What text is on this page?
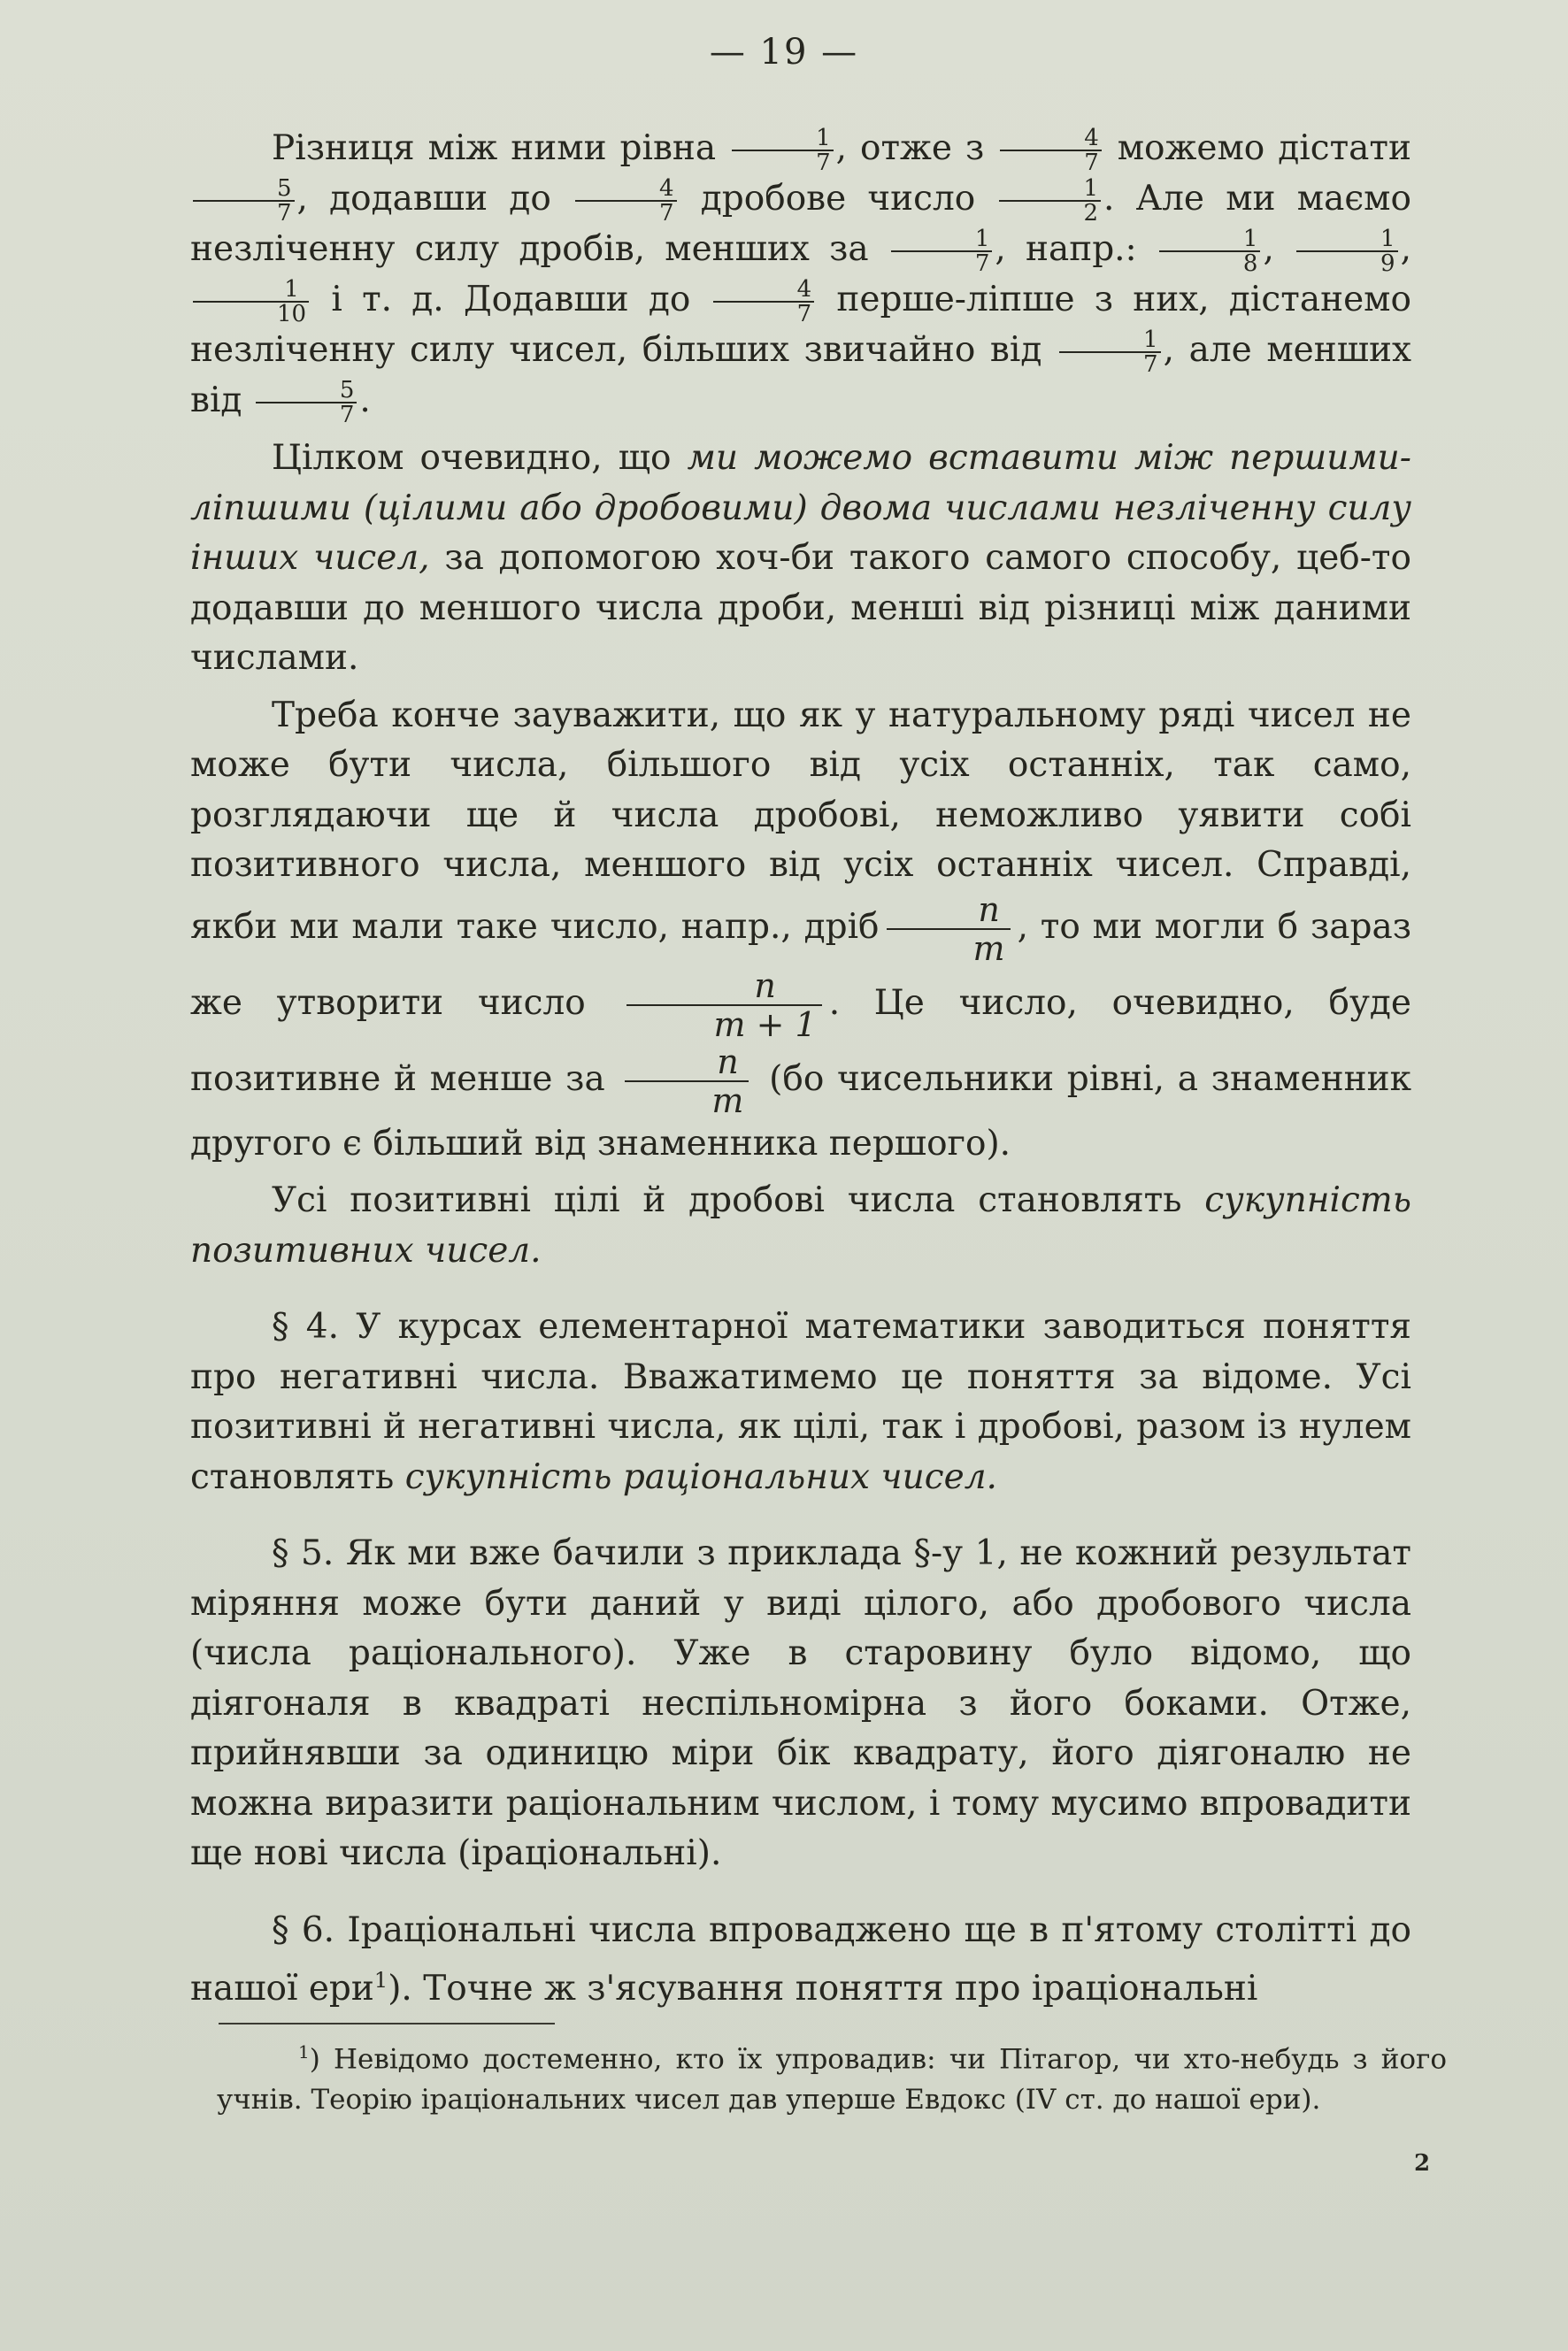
— 19 —

Різниця між ними рівна $\frac{1}{7}$ , отже з $\frac{4}{7}$ можемо дістати
$\frac{5}{7}$ , додавши до $\frac{4}{7}$ дробове число $\frac{1}{2}$ . Але ми маємо незліченну силу дробів, менших за $\frac{1}{7}$ , напр.: $\frac{1}{8}$ , $\frac{1}{9}$ ,
$\frac{1}{10}$ і т. д. Додавши до $\frac{4}{7}$ перше-ліпше з них, дістанемо незліченну силу чисел, більших звичайно від $\frac{1}{7}$ , але менших від $\frac{5}{7}$ .

Цілком очевидно, що ми можемо вставити між першими-ліпшими (цілими або дробовими) двома числами незліченну силу інших чисел, за допомогою хоч-би такого самого способу, цеб-то додавши до меншого числа дроби, менші від різниці між даними числами.

Треба конче зауважити, що як у натуральному ряді чисел не може бути числа, більшого від усіх останніх, так само, розглядаючи ще й числа дробові, неможливо уявити собі позитивного числа, меншого від усіх останніх чисел. Справді, якби ми мали таке число, напр., дріб $\frac{n}{m}$ , то ми могли б зараз же утворити число $\frac{n}{m + 1}$ . Це число, очевидно, буде позитивне й менше за $\frac{n}{m} (бо$ чисельники рівні, а знаменник другого є більший від знаменника першого).

Усі позитивні цілі й дробові числа становлять сукупність позитивних чисел.

§ 4. У курсах елементарної математики заводиться поняття про негативні числа. Вважатимемо це поняття за відоме. Усі позитивні й негативні числа, як цілі, так і дробові, разом із нулем становлять сукупність раціональних чисел.

§ 5. Як ми вже бачили з приклада §-у 1, не кожний результат міряння може бути даний у виді цілого, або дробового числа (числа раціонального). Уже в старовину було відомо, що діягоналя в квадраті неспільномірна з його боками. Отже, прийнявши за одиницю міри бік квадрату, його діягоналю не можна виразити раціональним числом, і тому мусимо впровадити ще нові числа (іраціональні).

§ 6. Іраціональні числа впроваджено ще в п'ятому столітті до нашої ери$^1$). Точне ж з'ясування поняття про іраціональні

$^1$) Невідомо достеменно, кто їх упровадив: чи Пітагор, чи хто-небудь з його учнів. Теорію іраціональних чисел дав уперше Евдокс (IV ст. до нашої ери).

2
